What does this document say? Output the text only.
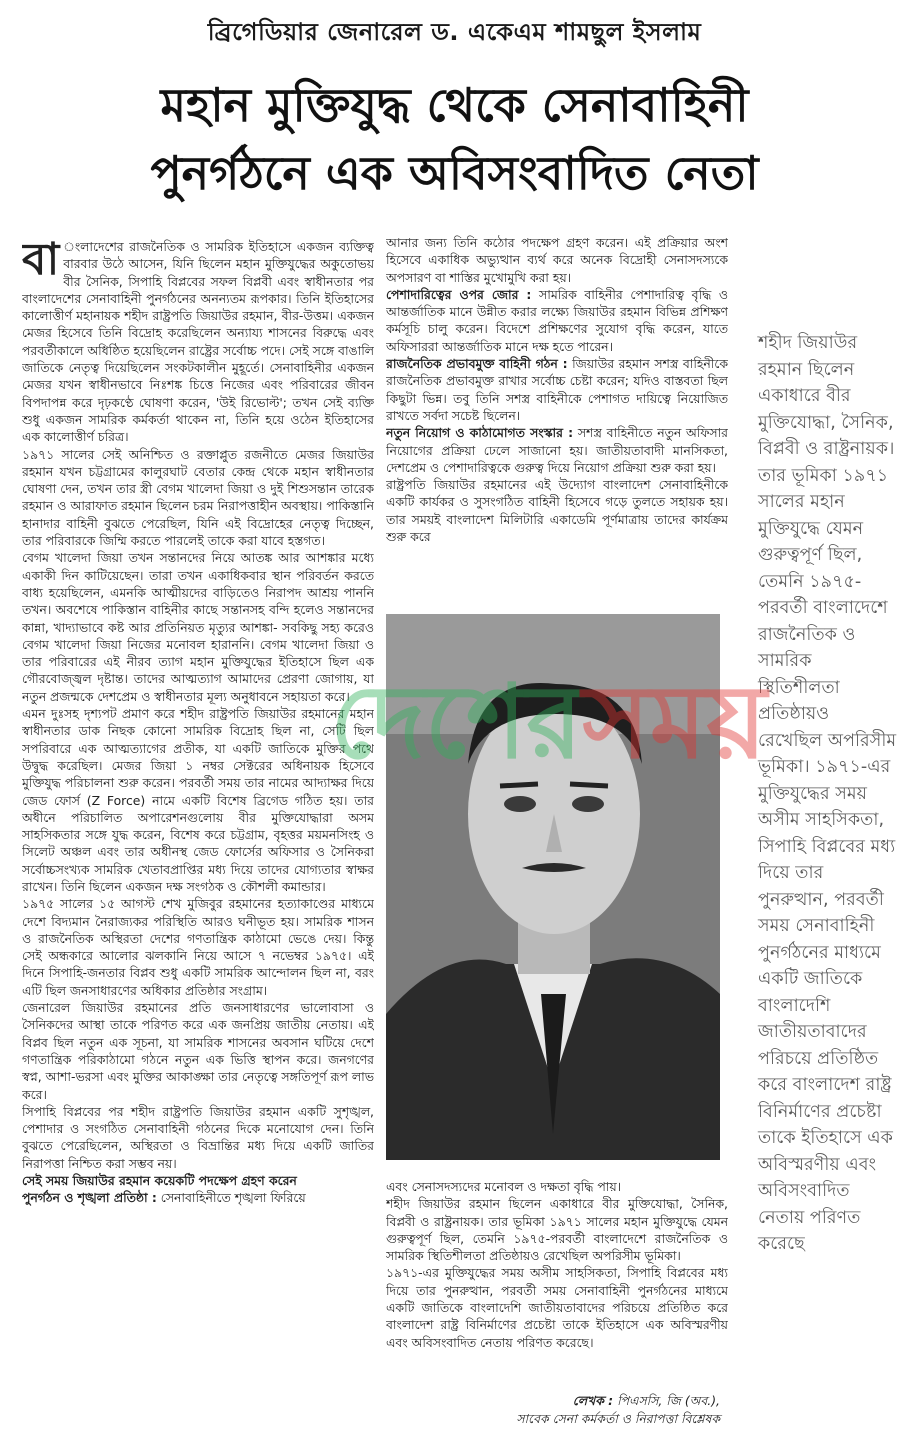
ব্রিগেডিয়ার জেনারেল ড. একেএম শামছুল ইসলাম
মহান মুক্তিযুদ্ধ থেকে সেনাবাহিনী
পুনর্গঠনে এক অবিসংবাদিত নেতা
বা ংলাদেশের রাজনৈতিক ও সামরিক ইতিহাসে একজন ব্যক্তিত্ব বারবার উঠে আসেন, যিনি ছিলেন মহান মুক্তিযুদ্ধের অকুতোভয় বীর সৈনিক, সিপাহি বিপ্লবের সফল বিপ্লবী এবং স্বাধীনতার পর বাংলাদেশের সেনাবাহিনী পুনর্গঠনের অনন্যতম রূপকার। তিনি ইতিহাসের কালোত্তীর্ণ মহানায়ক শহীদ রাষ্ট্রপতি জিয়াউর রহমান, বীর-উত্তম। একজন মেজর হিসেবে তিনি বিদ্রোহ করেছিলেন অন্যায্য শাসনের বিরুদ্ধে এবং পরবর্তীকালে অধিষ্ঠিত হয়েছিলেন রাষ্ট্রের সর্বোচ্চ পদে। সেই সঙ্গে বাঙালি জাতিকে নেতৃত্ব দিয়েছিলেন সংকটকালীন মুহূর্তে। সেনাবাহিনীর একজন মেজর যখন স্বাধীনভাবে নিঃশঙ্ক চিত্তে নিজের এবং পরিবারের জীবন বিপদাপন্ন করে দৃঢ়কণ্ঠে ঘোষণা করেন, 'উই রিভোল্ট'; তখন সেই ব্যক্তি শুধু একজন সামরিক কর্মকর্তা থাকেন না, তিনি হয়ে ওঠেন ইতিহাসের এক কালোত্তীর্ণ চরিত্র।

১৯৭১ সালের সেই অনিশ্চিত ও রক্তাপ্লুত রজনীতে মেজর জিয়াউর রহমান যখন চট্টগ্রামের কালুরঘাট বেতার কেন্দ্র থেকে মহান স্বাধীনতার ঘোষণা দেন, তখন তার স্ত্রী বেগম খালেদা জিয়া ও দুই শিশুসন্তান তারেক রহমান ও আরাফাত রহমান ছিলেন চরম নিরাপত্তাহীন অবস্থায়। পাকিস্তানি হানাদার বাহিনী বুঝতে পেরেছিল, যিনি এই বিদ্রোহের নেতৃত্ব দিচ্ছেন, তার পরিবারকে জিম্মি করতে পারলেই তাকে করা যাবে হস্তগত।

বেগম খালেদা জিয়া তখন সন্তানদের নিয়ে আতঙ্ক আর আশঙ্কার মধ্যে একাকী দিন কাটিয়েছেন। তারা তখন একাধিকবার স্থান পরিবর্তন করতে বাধ্য হয়েছিলেন, এমনকি আত্মীয়দের বাড়িতেও নিরাপদ আশ্রয় পাননি তখন। অবশেষে পাকিস্তান বাহিনীর কাছে সন্তানসহ বন্দি হলেও সন্তানদের কান্না, খাদ্যাভাবে কষ্ট আর প্রতিনিয়ত মৃত্যুর আশঙ্কা- সবকিছু সহ্য করেও বেগম খালেদা জিয়া নিজের মনোবল হারাননি। বেগম খালেদা জিয়া ও তার পরিবারের এই নীরব ত্যাগ মহান মুক্তিযুদ্ধের ইতিহাসে ছিল এক গৌরবোজ্জ্বল দৃষ্টান্ত। তাদের আত্মত্যাগ আমাদের প্রেরণা জোগায়, যা নতুন প্রজন্মকে দেশপ্রেম ও স্বাধীনতার মূল্য অনুধাবনে সহায়তা করে।

এমন দুঃসহ দৃশ্যপট প্রমাণ করে শহীদ রাষ্ট্রপতি জিয়াউর রহমানের মহান স্বাধীনতার ডাক নিছক কোনো সামরিক বিদ্রোহ ছিল না, সেটি ছিল সপরিবারে এক আত্মত্যাগের প্রতীক, যা একটি জাতিকে মুক্তির পথে উদ্বুদ্ধ করেছিল। মেজর জিয়া ১ নম্বর সেক্টরের অধিনায়ক হিসেবে মুক্তিযুদ্ধ পরিচালনা শুরু করেন। পরবর্তী সময় তার নামের আদ্যাক্ষর দিয়ে জেড ফোর্স (Z Force) নামে একটি বিশেষ ব্রিগেড গঠিত হয়। তার অধীনে পরিচালিত অপারেশনগুলোয় বীর মুক্তিযোদ্ধারা অসম সাহসিকতার সঙ্গে যুদ্ধ করেন, বিশেষ করে চট্টগ্রাম, বৃহত্তর ময়মনসিংহ ও সিলেট অঞ্চল এবং তার অধীনস্থ জেড ফোর্সের অফিসার ও সৈনিকরা সর্বোচ্চসংখ্যক সামরিক খেতাবপ্রাপ্তির মধ্য দিয়ে তাদের যোগ্যতার স্বাক্ষর রাখেন। তিনি ছিলেন একজন দক্ষ সংগঠক ও কৌশলী কমান্ডার।

১৯৭৫ সালের ১৫ আগস্ট শেখ মুজিবুর রহমানের হত্যাকাণ্ডের মাধ্যমে দেশে বিদ্যমান নৈরাজ্যকর পরিস্থিতি আরও ঘনীভূত হয়। সামরিক শাসন ও রাজনৈতিক অস্থিরতা দেশের গণতান্ত্রিক কাঠামো ভেঙে দেয়। কিন্তু সেই অন্ধকারে আলোর ঝলকানি নিয়ে আসে ৭ নভেম্বর ১৯৭৫। এই দিনে সিপাহি-জনতার বিপ্লব শুধু একটি সামরিক আন্দোলন ছিল না, বরং এটি ছিল জনসাধারণের অধিকার প্রতিষ্ঠার সংগ্রাম।

জেনারেল জিয়াউর রহমানের প্রতি জনসাধারণের ভালোবাসা ও সৈনিকদের আস্থা তাকে পরিণত করে এক জনপ্রিয় জাতীয় নেতায়। এই বিপ্লব ছিল নতুন এক সূচনা, যা সামরিক শাসনের অবসান ঘটিয়ে দেশে গণতান্ত্রিক পরিকাঠামো গঠনে নতুন এক ভিত্তি স্থাপন করে। জনগণের স্বপ্ন, আশা-ভরসা এবং মুক্তির আকাঙ্ক্ষা তার নেতৃত্বে সঙ্গতিপূর্ণ রূপ লাভ করে।

সিপাহি বিপ্লবের পর শহীদ রাষ্ট্রপতি জিয়াউর রহমান একটি সুশৃঙ্খল, পেশাদার ও সংগঠিত সেনাবাহিনী গঠনের দিকে মনোযোগ দেন। তিনি বুঝতে পেরেছিলেন, অস্থিরতা ও বিভ্রান্তির মধ্য দিয়ে একটি জাতির নিরাপত্তা নিশ্চিত করা সম্ভব নয়।

সেই সময় জিয়াউর রহমান কয়েকটি পদক্ষেপ গ্রহণ করেন

পুনর্গঠন ও শৃঙ্খলা প্রতিষ্ঠা : সেনাবাহিনীতে শৃঙ্খলা ফিরিয়ে

আনার জন্য তিনি কঠোর পদক্ষেপ গ্রহণ করেন। এই প্রক্রিয়ার অংশ হিসেবে একাধিক অভ্যুত্থান ব্যর্থ করে অনেক বিদ্রোহী সেনাসদস্যকে অপসারণ বা শাস্তির মুখোমুখি করা হয়।

পেশাদারিত্বের ওপর জোর : সামরিক বাহিনীর পেশাদারিত্ব বৃদ্ধি ও আন্তর্জাতিক মানে উন্নীত করার লক্ষ্যে জিয়াউর রহমান বিভিন্ন প্রশিক্ষণ কর্মসূচি চালু করেন। বিদেশে প্রশিক্ষণের সুযোগ বৃদ্ধি করেন, যাতে অফিসাররা আন্তর্জাতিক মানে দক্ষ হতে পারেন।

রাজনৈতিক প্রভাবমুক্ত বাহিনী গঠন : জিয়াউর রহমান সশস্ত্র বাহিনীকে রাজনৈতিক প্রভাবমুক্ত রাখার সর্বোচ্চ চেষ্টা করেন; যদিও বাস্তবতা ছিল কিছুটা ভিন্ন। তবু তিনি সশস্ত্র বাহিনীকে পেশাগত দায়িত্বে নিয়োজিত রাখতে সর্বদা সচেষ্ট ছিলেন।

নতুন নিয়োগ ও কাঠামোগত সংস্কার : সশস্ত্র বাহিনীতে নতুন অফিসার নিয়োগের প্রক্রিয়া ঢেলে সাজানো হয়। জাতীয়তাবাদী মানসিকতা, দেশপ্রেম ও পেশাদারিত্বকে গুরুত্ব দিয়ে নিয়োগ প্রক্রিয়া শুরু করা হয়।

রাষ্ট্রপতি জিয়াউর রহমানের এই উদ্যোগ বাংলাদেশ সেনাবাহিনীকে একটি কার্যকর ও সুসংগঠিত বাহিনী হিসেবে গড়ে তুলতে সহায়ক হয়। তার সময়ই বাংলাদেশ মিলিটারি একাডেমি পূর্ণমাত্রায় তাদের কার্যক্রম শুরু করে

এবং সেনাসদস্যদের মনোবল ও দক্ষতা বৃদ্ধি পায়।

শহীদ জিয়াউর রহমান ছিলেন একাধারে বীর মুক্তিযোদ্ধা, সৈনিক, বিপ্লবী ও রাষ্ট্রনায়ক। তার ভূমিকা ১৯৭১ সালের মহান মুক্তিযুদ্ধে যেমন গুরুত্বপূর্ণ ছিল, তেমনি ১৯৭৫-পরবর্তী বাংলাদেশে রাজনৈতিক ও সামরিক স্থিতিশীলতা প্রতিষ্ঠায়ও রেখেছিল অপরিসীম ভূমিকা।

১৯৭১-এর মুক্তিযুদ্ধের সময় অসীম সাহসিকতা, সিপাহি বিপ্লবের মধ্য দিয়ে তার পুনরুত্থান, পরবর্তী সময় সেনাবাহিনী পুনর্গঠনের মাধ্যমে একটি জাতিকে বাংলাদেশি জাতীয়তাবাদের পরিচয়ে প্রতিষ্ঠিত করে বাংলাদেশ রাষ্ট্র বিনির্মাণের প্রচেষ্টা তাকে ইতিহাসে এক অবিস্মরণীয় এবং অবিসংবাদিত নেতায় পরিণত করেছে।

লেখক : পিএসসি, জি (অব.),
সাবেক সেনা কর্মকর্তা ও নিরাপত্তা বিশ্লেষক

শহীদ জিয়াউর রহমান ছিলেন একাধারে বীর মুক্তিযোদ্ধা, সৈনিক, বিপ্লবী ও রাষ্ট্রনায়ক। তার ভূমিকা ১৯৭১ সালের মহান মুক্তিযুদ্ধে যেমন গুরুত্বপূর্ণ ছিল, তেমনি ১৯৭৫-পরবর্তী বাংলাদেশে রাজনৈতিক ও সামরিক স্থিতিশীলতা প্রতিষ্ঠায়ও রেখেছিল অপরিসীম ভূমিকা। ১৯৭১-এর মুক্তিযুদ্ধের সময় অসীম সাহসিকতা, সিপাহি বিপ্লবের মধ্য দিয়ে তার পুনরুত্থান, পরবর্তী সময় সেনাবাহিনী পুনর্গঠনের মাধ্যমে একটি জাতিকে বাংলাদেশি জাতীয়তাবাদের পরিচয়ে প্রতিষ্ঠিত করে বাংলাদেশ রাষ্ট্র বিনির্মাণের প্রচেষ্টা তাকে ইতিহাসে এক অবিস্মরণীয় এবং অবিসংবাদিত নেতায় পরিণত করেছে

দেশেরসময়
